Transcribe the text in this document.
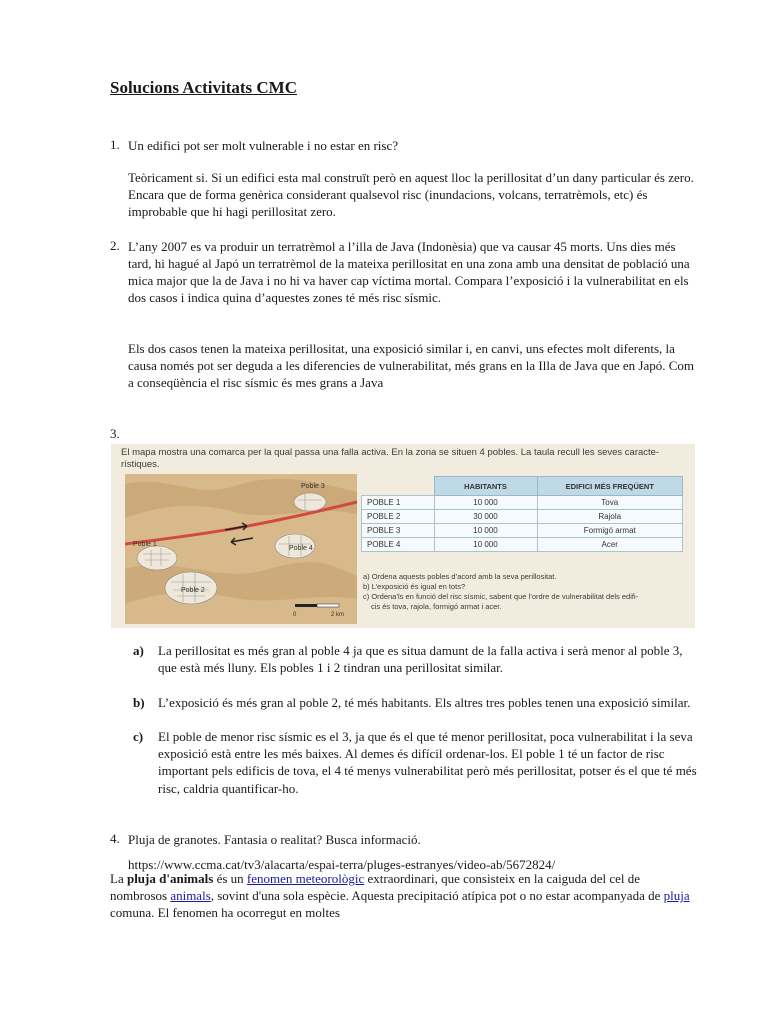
Solucions Activitats CMC
1. Un edifici pot ser molt vulnerable i no estar en risc?

Teòricament si. Si un edifici esta mal construït però en aquest lloc la perillositat d’un dany particular és zero. Encara que de forma genèrica considerant qualsevol risc (inundacions, volcans, terratrèmols, etc) és improbable que hi hagi perillositat zero.

2. L’any 2007 es va produir un terratrèmol a l’illa de Java (Indonèsia) que va causar 45 morts. Uns dies més tard, hi hagué al Japó un terratrèmol de la mateixa perillositat en una zona amb una densitat de població una mica major que la de Java i no hi va haver cap víctima mortal. Compara l’exposició i la vulnerabilitat en els dos casos i indica quina d’aquestes zones té més risc sísmic.

Els dos casos tenen la mateixa perillositat, una exposició similar i, en canvi, uns efectes molt diferents, la causa només pot ser deguda a les diferencies de vulnerabilitat, més grans en la Illa de Java que en Japó. Com a conseqüència el risc sísmic és mes grans a Java

3.
El mapa mostra una comarca per la qual passa una falla activa. En la zona se situen 4 pobles. La taula recull les seves caracte- rístiques.
Poble 1
Poble 2
Poble 3
Poble 4
0	2 km
	HABITANTS	EDIFICI MÉS FREQÜENT
POBLE 1	10 000	Tova
POBLE 2	30 000	Rajola
POBLE 3	10 000	Formigó armat
POBLE 4	10 000	Acer
a) Ordena aquests pobles d’acord amb la seva perillositat.
b) L’exposició és igual en tots?
c) Ordena’ls en funció del risc sísmic, sabent que l’ordre de vulnerabilitat dels edifi-
cis és tova, rajola, formigó armat i acer.
a) La perillositat es més gran al poble 4 ja que es situa damunt de la falla activa i serà menor al poble 3, que està més lluny. Els pobles 1 i 2 tindran una perillositat similar.
b) L’exposició és més gran al poble 2, té més habitants. Els altres tres pobles tenen una exposició similar.
c) El poble de menor risc sísmic es el 3, ja que és el que té menor perillositat, poca vulnerabilitat i la seva exposició està entre les més baixes. Al demes és difícil ordenar-los. El poble 1 té un factor de risc important pels edificis de tova, el 4 té menys vulnerabilitat però més perillositat, potser és el que té més risc, caldria quantificar-ho.
4. Pluja de granotes. Fantasia o realitat? Busca informació.

https://www.ccma.cat/tv3/alacarta/espai-terra/pluges-estranyes/video-ab/5672824/

La pluja d'animals és un fenomen meteorològic extraordinari, que consisteix en la caiguda del cel de nombrosos animals, sovint d'una sola espècie. Aquesta precipitació atípica pot o no estar acompanyada de pluja comuna. El fenomen ha ocorregut en moltes
